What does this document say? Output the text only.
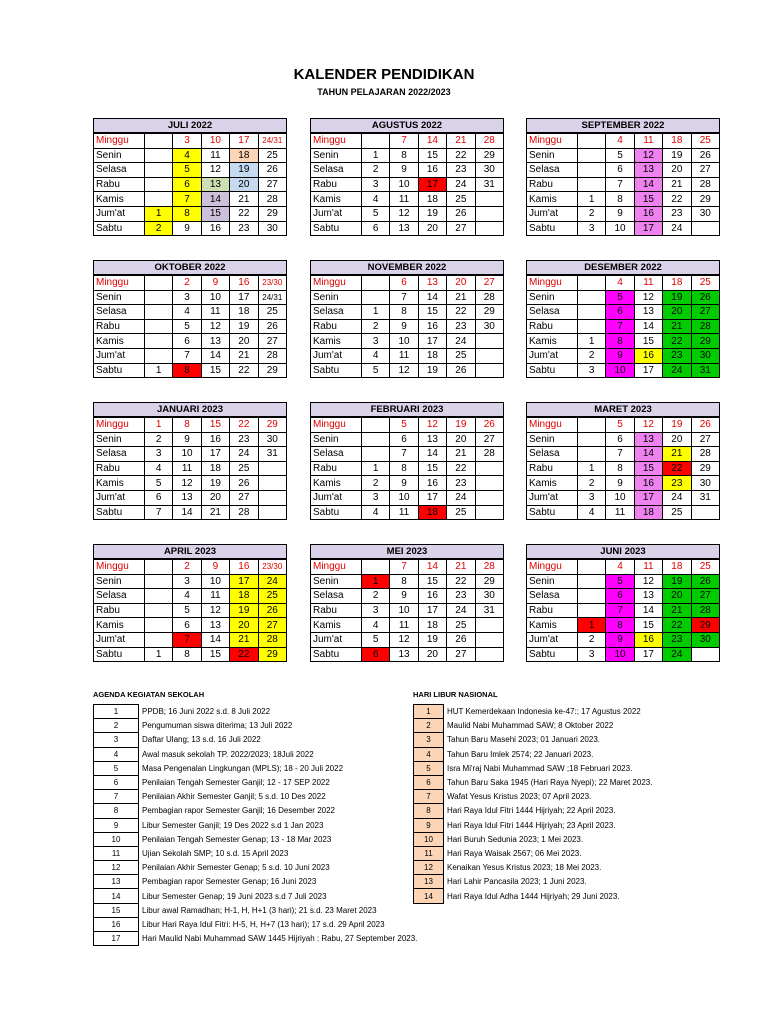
KALENDER PENDIDIKAN
TAHUN PELAJARAN 2022/2023
JULI 2022
Minggu		3	10	17	24/31
Senin		4	11	18	25
Selasa		5	12	19	26
Rabu		6	13	20	27
Kamis		7	14	21	28
Jum'at	1	8	15	22	29
Sabtu	2	9	16	23	30
AGUSTUS 2022
Minggu		7	14	21	28
Senin	1	8	15	22	29
Selasa	2	9	16	23	30
Rabu	3	10	17	24	31
Kamis	4	11	18	25	
Jum'at	5	12	19	26	
Sabtu	6	13	20	27	
SEPTEMBER 2022
Minggu		4	11	18	25
Senin		5	12	19	26
Selasa		6	13	20	27
Rabu		7	14	21	28
Kamis	1	8	15	22	29
Jum'at	2	9	16	23	30
Sabtu	3	10	17	24	
OKTOBER 2022
Minggu		2	9	16	23/30
Senin		3	10	17	24/31
Selasa		4	11	18	25
Rabu		5	12	19	26
Kamis		6	13	20	27
Jum'at		7	14	21	28
Sabtu	1	8	15	22	29
NOVEMBER 2022
Minggu		6	13	20	27
Senin		7	14	21	28
Selasa	1	8	15	22	29
Rabu	2	9	16	23	30
Kamis	3	10	17	24	
Jum'at	4	11	18	25	
Sabtu	5	12	19	26	
DESEMBER 2022
Minggu		4	11	18	25
Senin		5	12	19	26
Selasa		6	13	20	27
Rabu		7	14	21	28
Kamis	1	8	15	22	29
Jum'at	2	9	16	23	30
Sabtu	3	10	17	24	31
JANUARI 2023
Minggu	1	8	15	22	29
Senin	2	9	16	23	30
Selasa	3	10	17	24	31
Rabu	4	11	18	25	
Kamis	5	12	19	26	
Jum'at	6	13	20	27	
Sabtu	7	14	21	28	
FEBRUARI 2023
Minggu		5	12	19	26
Senin		6	13	20	27
Selasa		7	14	21	28
Rabu	1	8	15	22	
Kamis	2	9	16	23	
Jum'at	3	10	17	24	
Sabtu	4	11	18	25	
MARET 2023
Minggu		5	12	19	26
Senin		6	13	20	27
Selasa		7	14	21	28
Rabu	1	8	15	22	29
Kamis	2	9	16	23	30
Jum'at	3	10	17	24	31
Sabtu	4	11	18	25	
APRIL 2023
Minggu		2	9	16	23/30
Senin		3	10	17	24
Selasa		4	11	18	25
Rabu		5	12	19	26
Kamis		6	13	20	27
Jum'at		7	14	21	28
Sabtu	1	8	15	22	29
MEI 2023
Minggu		7	14	21	28
Senin	1	8	15	22	29
Selasa	2	9	16	23	30
Rabu	3	10	17	24	31
Kamis	4	11	18	25	
Jum'at	5	12	19	26	
Sabtu	6	13	20	27	
JUNI 2023
Minggu		4	11	18	25
Senin		5	12	19	26
Selasa		6	13	20	27
Rabu		7	14	21	28
Kamis	1	8	15	22	29
Jum'at	2	9	16	23	30
Sabtu	3	10	17	24	
AGENDA KEGIATAN SEKOLAH
1	PPDB; 16 Juni 2022 s.d. 8 Juli 2022
2	Pengumuman siswa diterima; 13 Juli 2022
3	Daftar Ulang; 13 s.d. 16 Juli 2022
4	Awal masuk sekolah TP. 2022/2023; 18Juli 2022
5	Masa Pengenalan Lingkungan (MPLS); 18 - 20 Juli 2022
6	Penilaian Tengah Semester Ganjil; 12 - 17 SEP 2022
7	Penilaian Akhir Semester Ganjil; 5 s.d. 10 Des 2022
8	Pembagian rapor Semester Ganjil; 16 Desember 2022
9	Libur Semester Ganjil; 19 Des 2022 s.d 1 Jan 2023
10	Penilaian Tengah Semester Genap; 13 - 18 Mar 2023
11	Ujian Sekolah SMP; 10 s.d. 15 April 2023
12	Penilaian Akhir Semester Genap; 5 s.d. 10 Juni 2023
13	Pembagian rapor Semester Genap; 16 Juni 2023
14	Libur Semester Genap; 19 Juni 2023 s.d 7 Juli 2023
15	Libur awal Ramadhan; H-1, H, H+1 (3 hari); 21 s.d. 23 Maret 2023
16	Libur Hari Raya Idul Fitri: H-5, H, H+7 (13 hari); 17 s.d. 29 April 2023
17	Hari Maulid Nabi Muhammad SAW 1445 Hijriyah : Rabu, 27 September 2023.
HARI LIBUR NASIONAL
1	HUT Kemerdekaan Indonesia ke-47:; 17 Agustus 2022
2	Maulid Nabi Muhammad SAW; 8 Oktober 2022
3	Tahun Baru Masehi 2023; 01 Januari 2023.
4	Tahun Baru Imlek 2574; 22 Januari 2023.
5	Isra Mi'raj Nabi Muhammad SAW ;18 Februari 2023.
6	Tahun Baru Saka 1945 (Hari Raya Nyepi); 22 Maret 2023.
7	Wafat Yesus Kristus 2023; 07 April 2023.
8	Hari Raya Idul Fitri 1444 Hijriyah; 22 April 2023.
9	Hari Raya Idul Fitri 1444 Hijriyah; 23 April 2023.
10	Hari Buruh Sedunia 2023; 1 Mei 2023.
11	Hari Raya Waisak 2567; 06 Mei 2023.
12	Kenaikan Yesus Kristus 2023; 18 Mei 2023.
13	Hari Lahir Pancasila 2023; 1 Juni 2023.
14	Hari Raya Idul Adha 1444 Hijriyah; 29 Juni 2023.
